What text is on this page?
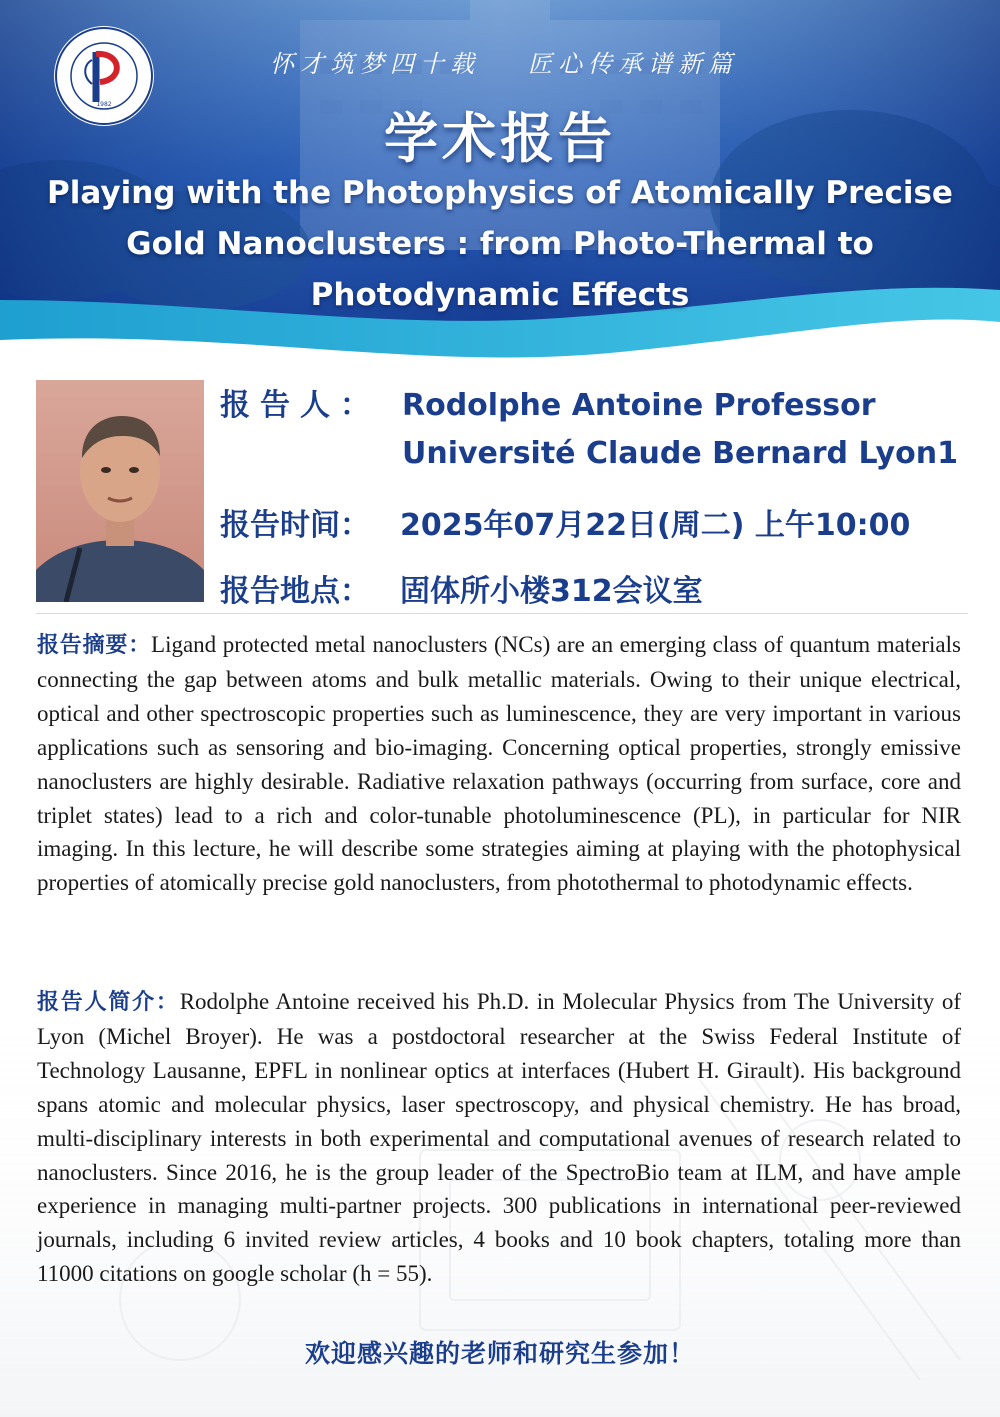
1982
怀才筑梦四十载 匠心传承谱新篇
学术报告
Playing with the Photophysics of Atomically Precise Gold Nanoclusters : from Photo-Thermal to Photodynamic Effects
报告人： Rodolphe Antoine Professor
Université Claude Bernard Lyon1
报告时间： 2025年07月22日(周二) 上午10:00
报告地点： 固体所小楼312会议室

报告摘要：Ligand protected metal nanoclusters (NCs) are an emerging class of quantum materials connecting the gap between atoms and bulk metallic materials. Owing to their unique electrical, optical and other spectroscopic properties such as luminescence, they are very important in various applications such as sensoring and bio-imaging. Concerning optical properties, strongly emissive nanoclusters are highly desirable. Radiative relaxation pathways (occurring from surface, core and triplet states) lead to a rich and color-tunable photoluminescence (PL), in particular for NIR imaging. In this lecture, he will describe some strategies aiming at playing with the photophysical properties of atomically precise gold nanoclusters, from photothermal to photodynamic effects.

报告人简介：Rodolphe Antoine received his Ph.D. in Molecular Physics from The University of Lyon (Michel Broyer). He was a postdoctoral researcher at the Swiss Federal Institute of Technology Lausanne, EPFL in nonlinear optics at interfaces (Hubert H. Girault). His background spans atomic and molecular physics, laser spectroscopy, and physical chemistry. He has broad, multi-disciplinary interests in both experimental and computational avenues of research related to nanoclusters. Since 2016, he is the group leader of the SpectroBio team at ILM, and have ample experience in managing multi-partner projects. 300 publications in international peer-reviewed journals, including 6 invited review articles, 4 books and 10 book chapters, totaling more than 11000 citations on google scholar (h = 55).

欢迎感兴趣的老师和研究生参加！
